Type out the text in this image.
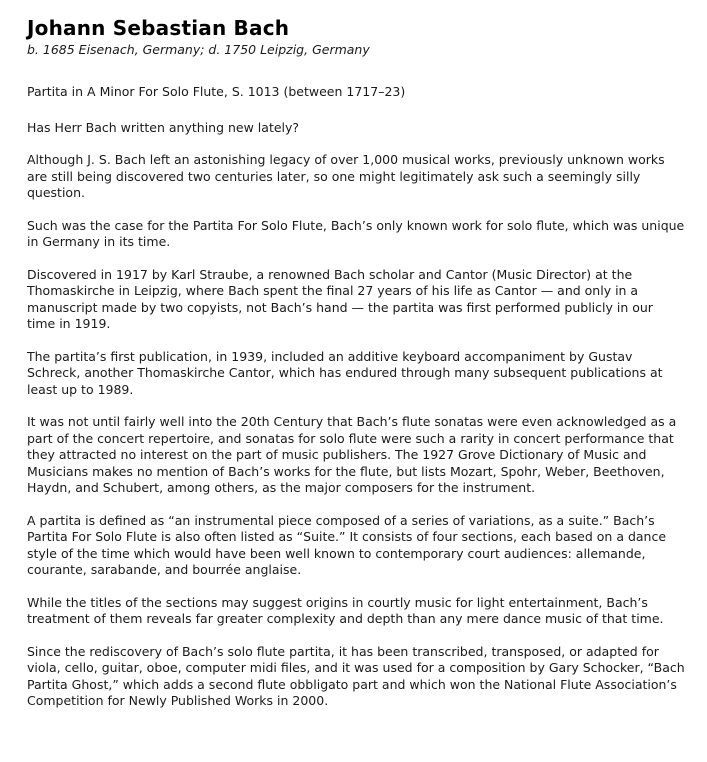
Johann Sebastian Bach

b. 1685 Eisenach, Germany; d. 1750 Leipzig, Germany

Partita in A Minor For Solo Flute, S. 1013 (between 1717–23)

Has Herr Bach written anything new lately?

Although J. S. Bach left an astonishing legacy of over 1,000 musical works, previously unknown works are still being discovered two centuries later, so one might legitimately ask such a seemingly silly question.

Such was the case for the Partita For Solo Flute, Bach’s only known work for solo flute, which was unique in Germany in its time.

Discovered in 1917 by Karl Straube, a renowned Bach scholar and Cantor (Music Director) at the Thomaskirche in Leipzig, where Bach spent the final 27 years of his life as Cantor — and only in a manuscript made by two copyists, not Bach’s hand — the partita was first performed publicly in our time in 1919.

The partita’s first publication, in 1939, included an additive keyboard accompaniment by Gustav Schreck, another Thomaskirche Cantor, which has endured through many subsequent publications at least up to 1989.

It was not until fairly well into the 20th Century that Bach’s flute sonatas were even acknowledged as a part of the concert repertoire, and sonatas for solo flute were such a rarity in concert performance that they attracted no interest on the part of music publishers. The 1927 Grove Dictionary of Music and Musicians makes no mention of Bach’s works for the flute, but lists Mozart, Spohr, Weber, Beethoven, Haydn, and Schubert, among others, as the major composers for the instrument.

A partita is defined as “an instrumental piece composed of a series of variations, as a suite.” Bach’s Partita For Solo Flute is also often listed as “Suite.” It consists of four sections, each based on a dance style of the time which would have been well known to contemporary court audiences: allemande, courante, sarabande, and bourrée anglaise.

While the titles of the sections may suggest origins in courtly music for light entertainment, Bach’s treatment of them reveals far greater complexity and depth than any mere dance music of that time.

Since the rediscovery of Bach’s solo flute partita, it has been transcribed, transposed, or adapted for viola, cello, guitar, oboe, computer midi files, and it was used for a composition by Gary Schocker, “Bach Partita Ghost,” which adds a second flute obbligato part and which won the National Flute Association’s Competition for Newly Published Works in 2000.
